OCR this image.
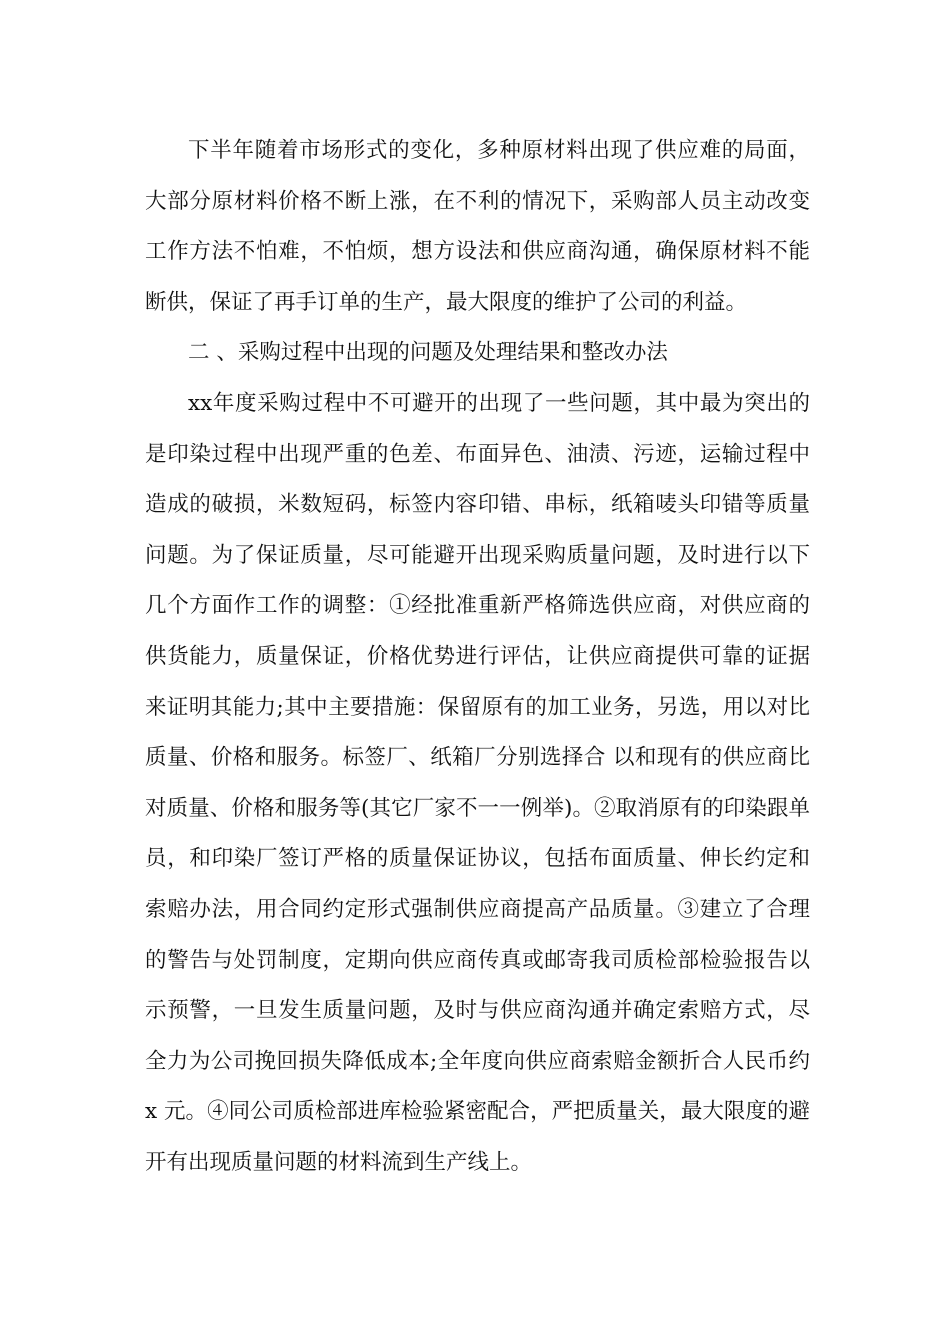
下半年随着市场形式的变化，多种原材料出现了供应难的局面，大部分原材料价格不断上涨，在不利的情况下，采购部人员主动改变工作方法不怕难，不怕烦，想方设法和供应商沟通，确保原材料不能断供，保证了再手订单的生产，最大限度的维护了公司的利益。

二 、采购过程中出现的问题及处理结果和整改办法

xx年度采购过程中不可避开的出现了一些问题，其中最为突出的是印染过程中出现严重的色差、布面异色、油渍、污迹，运输过程中造成的破损，米数短码，标签内容印错、串标，纸箱唛头印错等质量问题。为了保证质量，尽可能避开出现采购质量问题，及时进行以下几个方面作工作的调整：①经批准重新严格筛选供应商，对供应商的供货能力，质量保证，价格优势进行评估，让供应商提供可靠的证据来证明其能力;其中主要措施：保留原有的加工业务，另选，用以对比质量、价格和服务。标签厂、纸箱厂分别选择合 以和现有的供应商比对质量、价格和服务等(其它厂家不一一例举)。②取消原有的印染跟单员，和印染厂签订严格的质量保证协议，包括布面质量、伸长约定和索赔办法，用合同约定形式强制供应商提高产品质量。③建立了合理的警告与处罚制度，定期向供应商传真或邮寄我司质检部检验报告以示预警，一旦发生质量问题，及时与供应商沟通并确定索赔方式，尽全力为公司挽回损失降低成本;全年度向供应商索赔金额折合人民币约 x 元。④同公司质检部进库检验紧密配合，严把质量关，最大限度的避开有出现质量问题的材料流到生产线上。
